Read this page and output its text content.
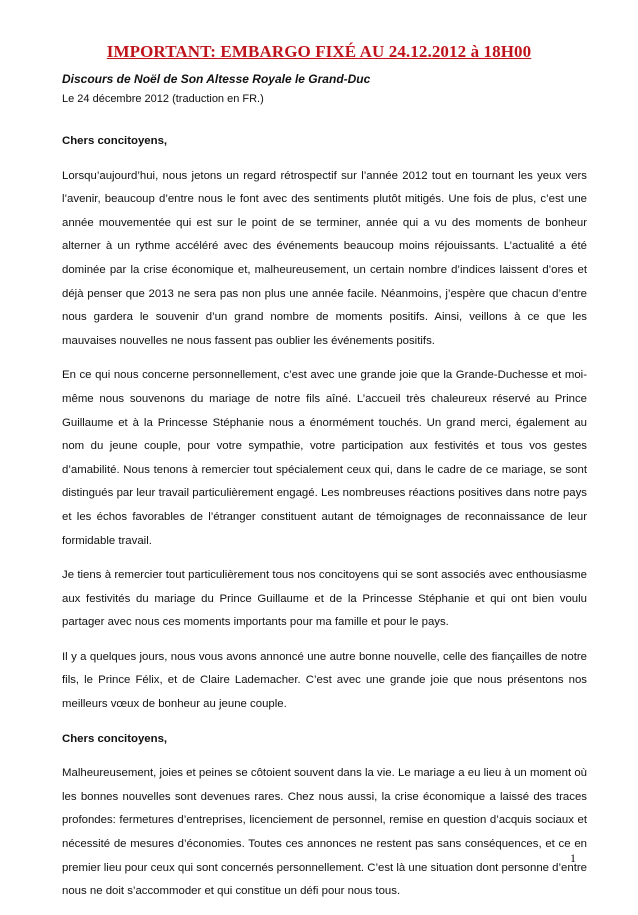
IMPORTANT: EMBARGO FIXÉ AU 24.12.2012 à 18H00
Discours de Noël de Son Altesse Royale le Grand-Duc
Le 24 décembre 2012 (traduction en FR.)

Chers concitoyens,

Lorsqu’aujourd’hui, nous jetons un regard rétrospectif sur l’année 2012 tout en tournant les yeux vers l’avenir, beaucoup d’entre nous le font avec des sentiments plutôt mitigés. Une fois de plus, c’est une année mouvementée qui est sur le point de se terminer, année qui a vu des moments de bonheur alterner à un rythme accéléré avec des événements beaucoup moins réjouissants. L’actualité a été dominée par la crise économique et, malheureusement, un certain nombre d’indices laissent d’ores et déjà penser que 2013 ne sera pas non plus une année facile. Néanmoins, j’espère que chacun d’entre nous gardera le souvenir d’un grand nombre de moments positifs. Ainsi, veillons à ce que les mauvaises nouvelles ne nous fassent pas oublier les événements positifs.

En ce qui nous concerne personnellement, c’est avec une grande joie que la Grande-Duchesse et moi-même nous souvenons du mariage de notre fils aîné. L’accueil très chaleureux réservé au Prince Guillaume et à la Princesse Stéphanie nous a énormément touchés. Un grand merci, également au nom du jeune couple, pour votre sympathie, votre participation aux festivités et tous vos gestes d’amabilité. Nous tenons à remercier tout spécialement ceux qui, dans le cadre de ce mariage, se sont distingués par leur travail particulièrement engagé. Les nombreuses réactions positives dans notre pays et les échos favorables de l’étranger constituent autant de témoignages de reconnaissance de leur formidable travail.

Je tiens à remercier tout particulièrement tous nos concitoyens qui se sont associés avec enthousiasme aux festivités du mariage du Prince Guillaume et de la Princesse Stéphanie et qui ont bien voulu partager avec nous ces moments importants pour ma famille et pour le pays.

Il y a quelques jours, nous vous avons annoncé une autre bonne nouvelle, celle des fiançailles de notre fils, le Prince Félix, et de Claire Lademacher. C’est avec une grande joie que nous présentons nos meilleurs vœux de bonheur au jeune couple.

Chers concitoyens,

Malheureusement, joies et peines se côtoient souvent dans la vie. Le mariage a eu lieu à un moment où les bonnes nouvelles sont devenues rares. Chez nous aussi, la crise économique a laissé des traces profondes: fermetures d’entreprises, licenciement de personnel, remise en question d’acquis sociaux et nécessité de mesures d’économies. Toutes ces annonces ne restent pas sans conséquences, et ce en premier lieu pour ceux qui sont concernés personnellement. C’est là une situation dont personne d’entre nous ne doit s’accommoder et qui constitue un défi pour nous tous.

1
